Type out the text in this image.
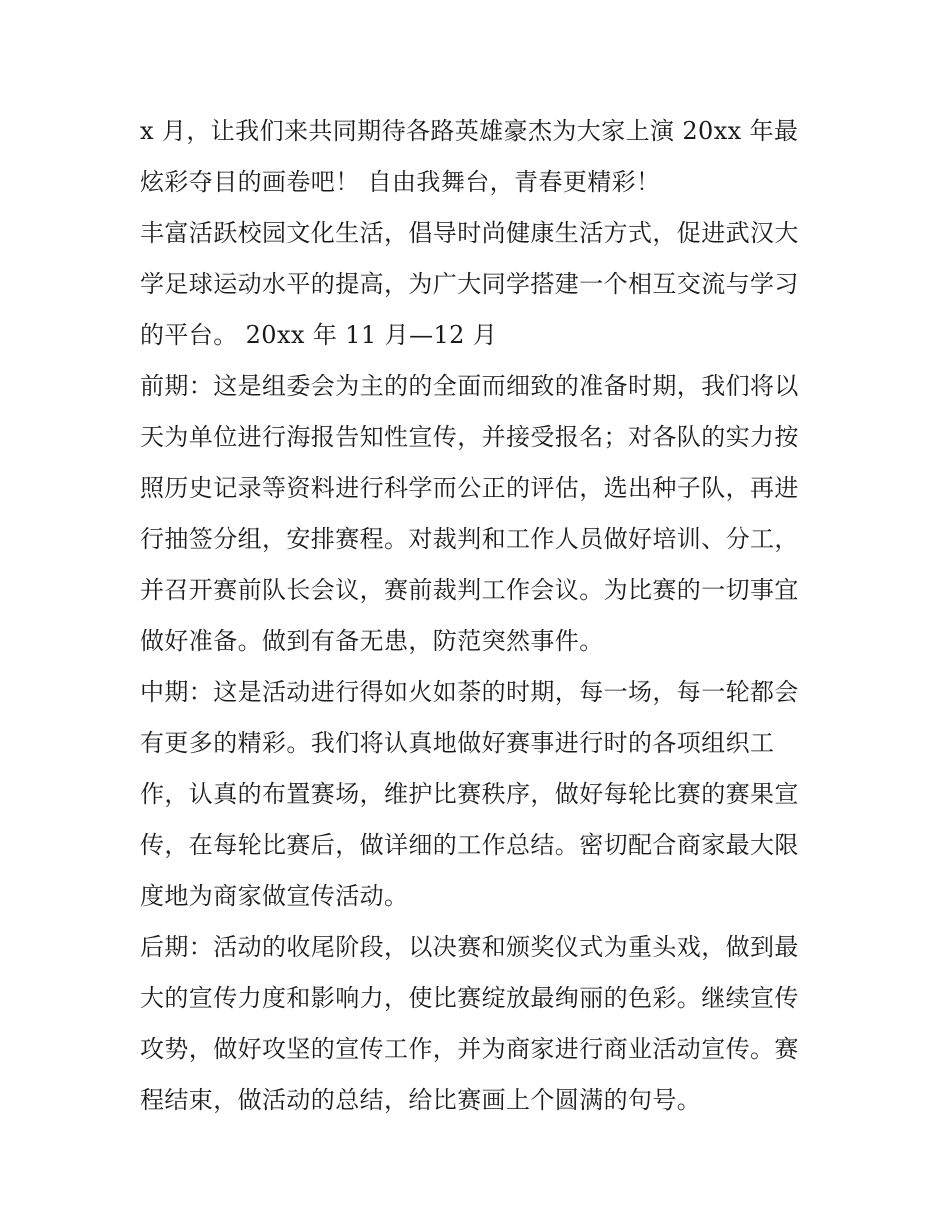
x 月，让我们来共同期待各路英雄豪杰为大家上演 20xx 年最炫彩夺目的画卷吧！ 自由我舞台，青春更精彩！

丰富活跃校园文化生活，倡导时尚健康生活方式，促进武汉大学足球运动水平的提高，为广大同学搭建一个相互交流与学习的平台。 20xx 年 11 月—12 月

前期：这是组委会为主的的全面而细致的准备时期，我们将以天为单位进行海报告知性宣传，并接受报名；对各队的实力按照历史记录等资料进行科学而公正的评估，选出种子队，再进行抽签分组，安排赛程。对裁判和工作人员做好培训、分工，并召开赛前队长会议，赛前裁判工作会议。为比赛的一切事宜做好准备。做到有备无患，防范突然事件。

中期：这是活动进行得如火如荼的时期，每一场，每一轮都会有更多的精彩。我们将认真地做好赛事进行时的各项组织工作，认真的布置赛场，维护比赛秩序，做好每轮比赛的赛果宣传，在每轮比赛后，做详细的工作总结。密切配合商家最大限度地为商家做宣传活动。

后期：活动的收尾阶段，以决赛和颁奖仪式为重头戏，做到最大的宣传力度和影响力，使比赛绽放最绚丽的色彩。继续宣传攻势，做好攻坚的宣传工作，并为商家进行商业活动宣传。赛程结束，做活动的总结，给比赛画上个圆满的句号。
